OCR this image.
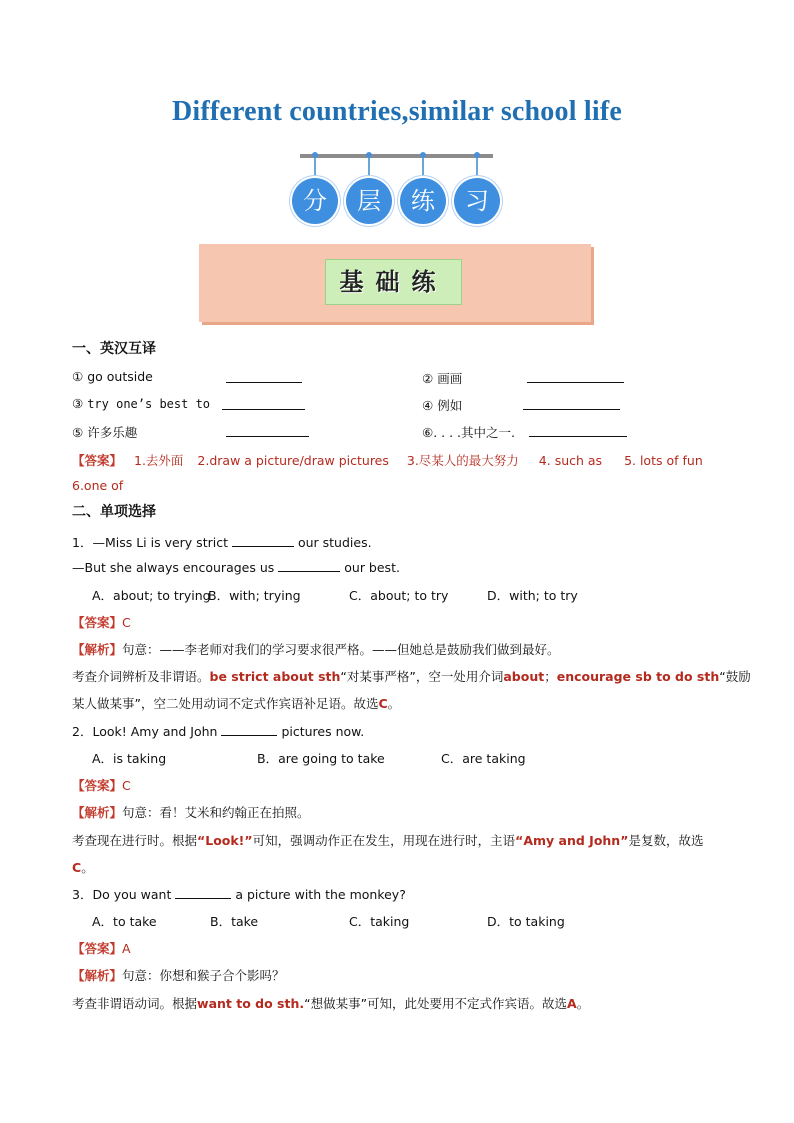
Different countries,similar school life
分	层	练	习
基础练
一、英汉互译
① go outside	② 画画
③ try one’s best to	④ 例如
⑤ 许多乐趣	⑥. . . .其中之一.
【答案】 1.去外面 2.draw a picture/draw pictures 3.尽某人的最大努力 4. such as 5. lots of fun
6.one of
二、单项选择
1．—Miss Li is very strict	our studies.
—But she always encourages us	our best.
A．about; to trying
B．with; trying	C．about; to try	D．with; to try
【答案】C
【解析】句意：——李老师对我们的学习要求很严格。——但她总是鼓励我们做到最好。
考查介词辨析及非谓语。be strict about sth“对某事严格”，空一处用介词about；encourage sb to do sth“鼓励
某人做某事”，空二处用动词不定式作宾语补足语。故选C。
2．Look! Amy and John	pictures now.
A．is taking	B．are going to take	C．are taking
【答案】C
【解析】句意：看！艾米和约翰正在拍照。
考查现在进行时。根据“Look!”可知，强调动作正在发生，用现在进行时，主语“Amy and John”是复数，故选
C。
3．Do you want	a picture with the monkey?
A．to take	B．take	C．taking	D．to taking
【答案】A
【解析】句意：你想和猴子合个影吗？
考查非谓语动词。根据want to do sth.“想做某事”可知，此处要用不定式作宾语。故选A。
